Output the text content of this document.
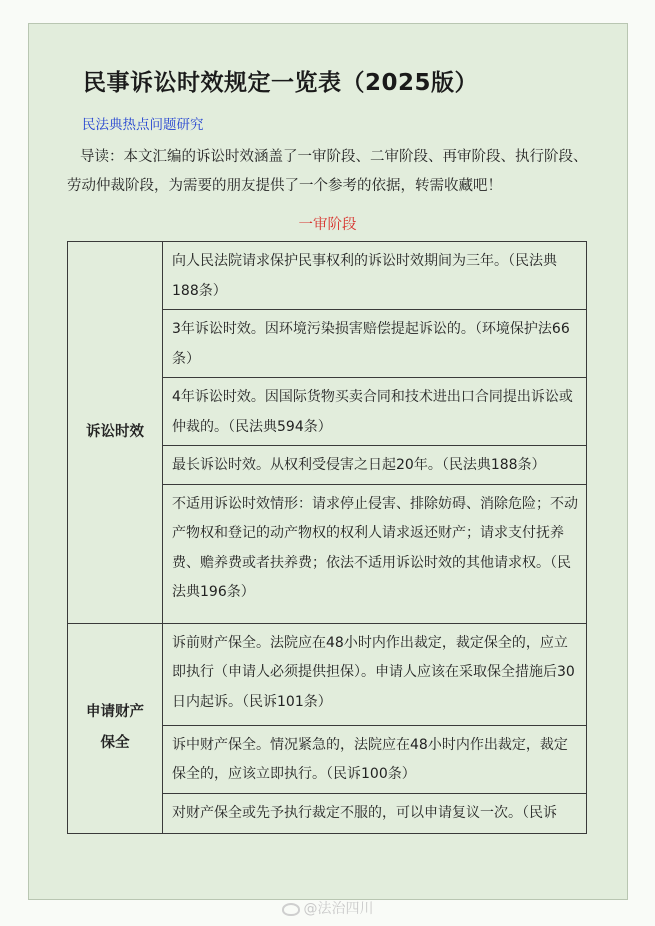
民事诉讼时效规定一览表（2025版）
民法典热点问题研究
导读：本文汇编的诉讼时效涵盖了一审阶段、二审阶段、再审阶段、执行阶段、劳动仲裁阶段，为需要的朋友提供了一个参考的依据，转需收藏吧！
一审阶段
诉讼时效	向人民法院请求保护民事权利的诉讼时效期间为三年。（民法典188条）
	3年诉讼时效。因环境污染损害赔偿提起诉讼的。（环境保护法66条）
	4年诉讼时效。因国际货物买卖合同和技术进出口合同提出诉讼或仲裁的。（民法典594条）
	最长诉讼时效。从权利受侵害之日起20年。（民法典188条）
	不适用诉讼时效情形：请求停止侵害、排除妨碍、消除危险；不动产物权和登记的动产物权的权利人请求返还财产；请求支付抚养费、赡养费或者扶养费；依法不适用诉讼时效的其他请求权。（民法典196条）
申请财产保全	诉前财产保全。法院应在48小时内作出裁定，裁定保全的，应立即执行（申请人必须提供担保）。申请人应该在采取保全措施后30日内起诉。（民诉101条）
	诉中财产保全。情况紧急的，法院应在48小时内作出裁定，裁定保全的，应该立即执行。（民诉100条）

	对财产保全或先予执行裁定不服的，可以申请复议一次。（民诉
@法治四川
